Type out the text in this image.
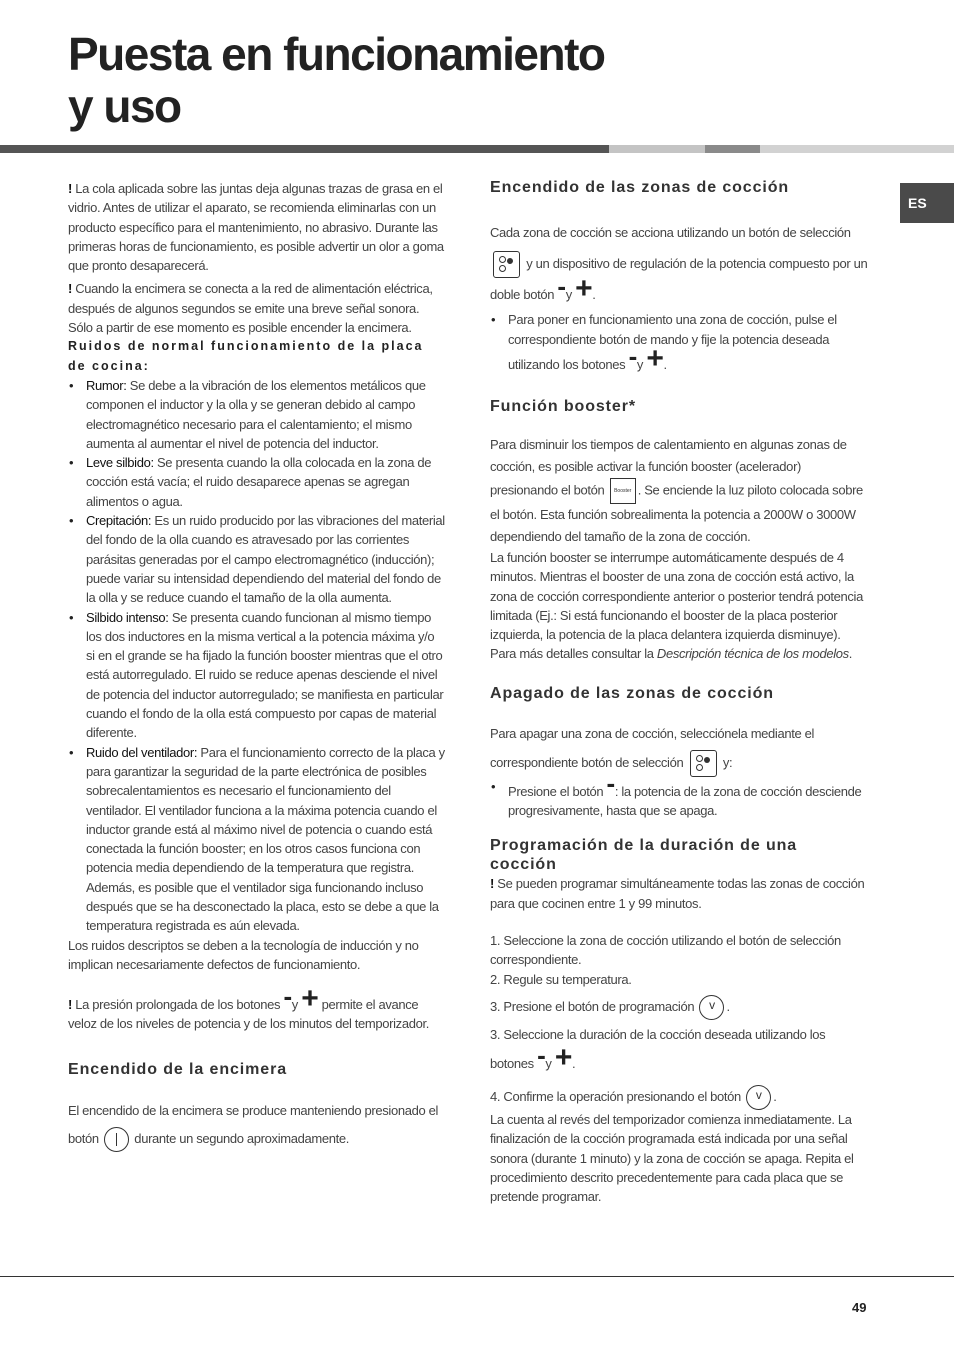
Puesta en funcionamiento
y uso
ES

! La cola aplicada sobre las juntas deja algunas trazas de grasa en el vidrio. Antes de utilizar el aparato, se recomienda eliminarlas con un producto específico para el mantenimiento, no abrasivo. Durante las primeras horas de funcionamiento, es posible advertir un olor a goma que pronto desaparecerá.

! Cuando la encimera se conecta a la red de alimentación eléctrica, después de algunos segundos se emite una breve señal sonora. Sólo a partir de ese momento es posible encender la encimera.

Ruidos de normal funcionamiento de la placa de cocina:

• Rumor: Se debe a la vibración de los elementos metálicos que componen el inductor y la olla y se generan debido al campo electromagnético necesario para el calentamiento; el mismo aumenta al aumentar el nivel de potencia del inductor.
• Leve silbido: Se presenta cuando la olla colocada en la zona de cocción está vacía; el ruido desaparece apenas se agregan alimentos o agua.
• Crepitación: Es un ruido producido por las vibraciones del material del fondo de la olla cuando es atravesado por las corrientes parásitas generadas por el campo electromagnético (inducción); puede variar su intensidad dependiendo del material del fondo de la olla y se reduce cuando el tamaño de la olla aumenta.
• Silbido intenso: Se presenta cuando funcionan al mismo tiempo los dos inductores en la misma vertical a la potencia máxima y/o si en el grande se ha fijado la función booster mientras que el otro está autorregulado. El ruido se reduce apenas desciende el nivel de potencia del inductor autorregulado; se manifiesta en particular cuando el fondo de la olla está compuesto por capas de material diferente.
• Ruido del ventilador: Para el funcionamiento correcto de la placa y para garantizar la seguridad de la parte electrónica de posibles sobrecalentamientos es necesario el funcionamiento del ventilador. El ventilador funciona a la máxima potencia cuando el inductor grande está al máximo nivel de potencia o cuando está conectada la función booster; en los otros casos funciona con potencia media dependiendo de la temperatura que registra. Además, es posible que el ventilador siga funcionando incluso después que se ha desconectado la placa, esto se debe a que la temperatura registrada es aún elevada.

Los ruidos descriptos se deben a la tecnología de inducción y no implican necesariamente defectos de funcionamiento.

! La presión prolongada de los botones -y + permite el avance veloz de los niveles de potencia y de los minutos del temporizador.

Encendido de la encimera

El encendido de la encimera se produce manteniendo presionado el botón  durante un segundo aproximadamente.

Encendido de las zonas de cocción

Cada zona de cocción se acciona utilizando un botón de selección
y un dispositivo de regulación de la potencia compuesto por un doble botón -y +.

• Para poner en funcionamiento una zona de cocción, pulse el correspondiente botón de mando y fije la potencia deseada utilizando los botones -y +.

Función booster*

Para disminuir los tiempos de calentamiento en algunas zonas de cocción, es posible activar la función booster (acelerador) presionando el botón Booster . Se enciende la luz piloto colocada sobre el botón. Esta función sobrealimenta la potencia a 2000W o 3000W dependiendo del tamaño de la zona de cocción.

La función booster se interrumpe automáticamente después de 4 minutos. Mientras el booster de una zona de cocción está activo, la zona de cocción correspondiente anterior o posterior tendrá potencia limitada (Ej.: Si está funcionando el booster de la placa posterior izquierda, la potencia de la placa delantera izquierda disminuye). Para más detalles consultar la Descripción técnica de los modelos.

Apagado de las zonas de cocción

Para apagar una zona de cocción, selecciónela mediante el correspondiente botón de selección	y:

• Presione el botón -: la potencia de la zona de cocción desciende progresivamente, hasta que se apaga.

Programación de la duración de una cocción

! Se pueden programar simultáneamente todas las zonas de cocción para que cocinen entre 1 y 99 minutos.

1. Seleccione la zona de cocción utilizando el botón de selección correspondiente.

2. Regule su temperatura.

3. Presione el botón de programación v.

3. Seleccione la duración de la cocción deseada utilizando los botones -y +.

4. Confirme la operación presionando el botón v.

La cuenta al revés del temporizador comienza inmediatamente. La finalización de la cocción programada está indicada por una señal sonora (durante 1 minuto) y la zona de cocción se apaga. Repita el procedimiento descrito precedentemente para cada placa que se pretende programar.

49
